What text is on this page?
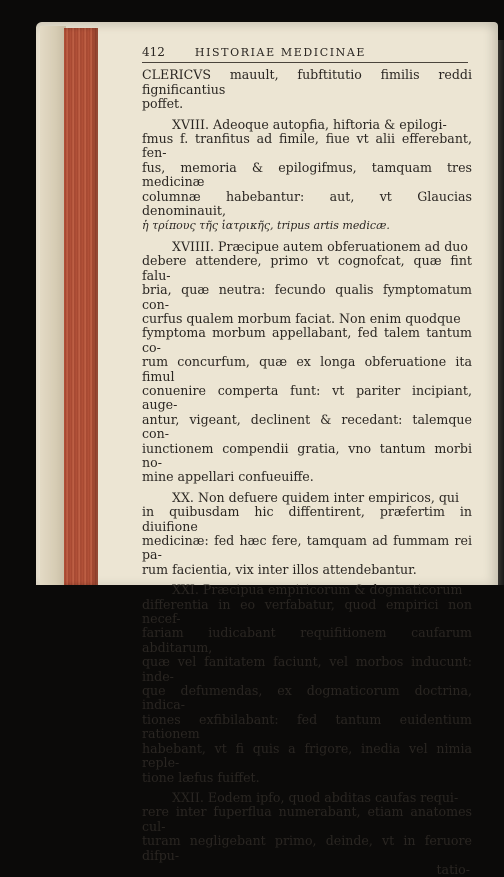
412	HISTORIAE MEDICINAE

CLERICVS mauult, fubftitutio fimilis reddi fignificantius
poffet.

XVIII. Adeoque autopfia, hiftoria & epilogi-
fmus f. tranfitus ad fimile, fiue vt alii efferebant, fen-
fus, memoria & epilogifmus, tamquam tres medicinæ
columnæ habebantur: aut, vt Glaucias denominauit,
ἡ τρίπους τῆς ἰατρικῆς, tripus artis medicæ.

XVIIII. Præcipue autem obferuationem ad duo
debere attendere, primo vt cognofcat, quæ fint falu-
bria, quæ neutra: fecundo qualis fymptomatum con-
curfus qualem morbum faciat. Non enim quodque
fymptoma morbum appellabant, fed talem tantum co-
rum concurfum, quæ ex longa obferuatione ita fimul
conuenire comperta funt: vt pariter incipiant, auge-
antur, vigeant, declinent & recedant: talemque con-
iunctionem compendii gratia, vno tantum morbi no-
mine appellari confueuiffe.

XX. Non defuere quidem inter empiricos, qui
in quibusdam hic diffentirent, præfertim in diuifione
medicinæ: fed hæc fere, tamquam ad fummam rei pa-
rum facientia, vix inter illos attendebantur.

XXI. Præcipua empiricorum & dogmaticorum
differentia in eo verfabatur, quod empirici non necef-
fariam iudicabant requifitionem caufarum abditarum,
quæ vel fanitatem faciunt, vel morbos inducunt: inde-
que defumendas, ex dogmaticorum doctrina, indica-
tiones exfibilabant: fed tantum euidentium rationem
habebant, vt fi quis a frigore, inedia vel nimia reple-
tione læfus fuiffet.

XXII. Eodem ipfo, quod abditas caufas requi-
rere inter fuperflua numerabant, etiam anatomes cul-
turam negligebant primo, deinde, vt in feruore difpu-

tatio-
